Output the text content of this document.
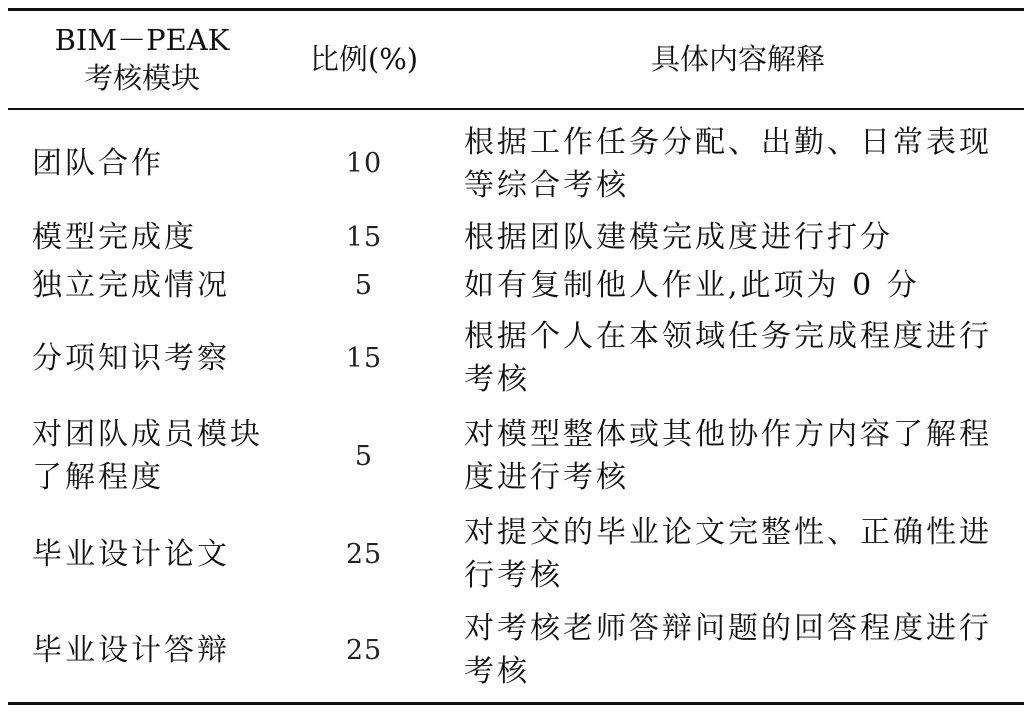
BIM－PEAK
考核模块	比例(%)	具体内容解释
团队合作	10	根据工作任务分配、出勤、日常表现等综合考核
模型完成度	15	根据团队建模完成度进行打分
独立完成情况	5	如有复制他人作业,此项为 0 分
分项知识考察	15	根据个人在本领域任务完成程度进行考核
对团队成员模块了解程度	5	对模型整体或其他协作方内容了解程度进行考核
毕业设计论文	25	对提交的毕业论文完整性、正确性进行考核
毕业设计答辩	25	对考核老师答辩问题的回答程度进行考核
